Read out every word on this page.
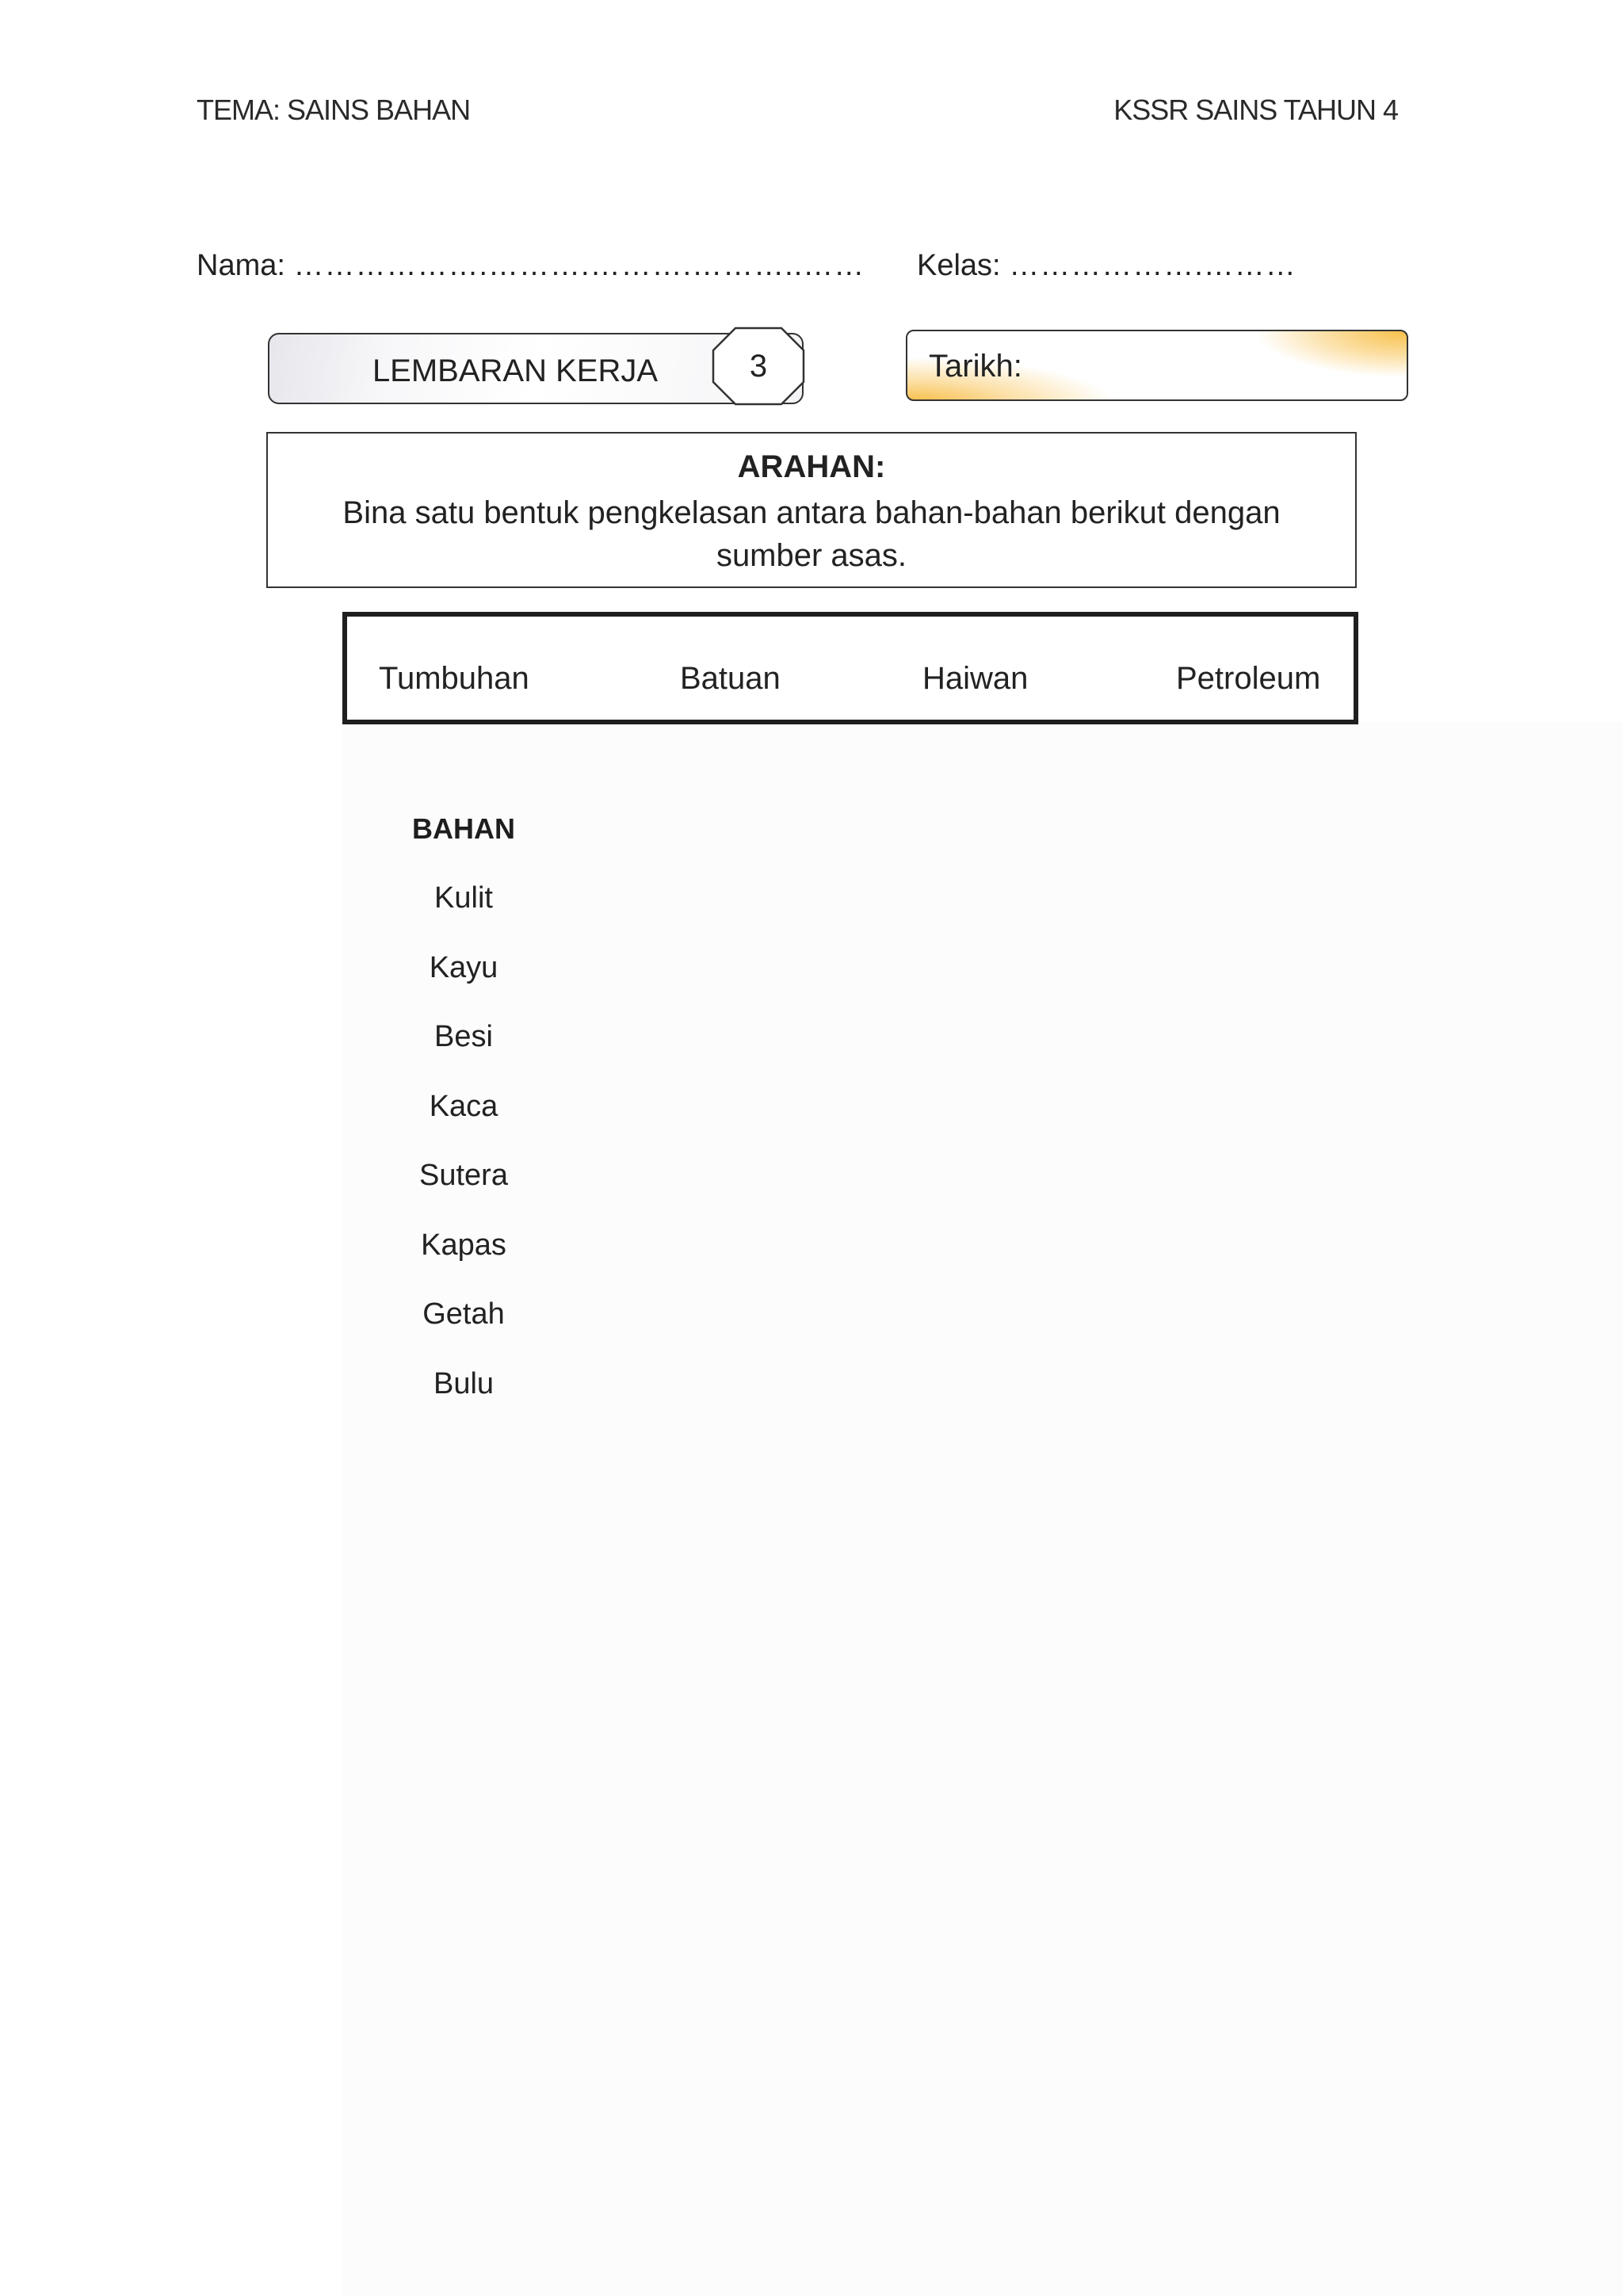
TEMA: SAINS BAHAN	KSSR SAINS TAHUN 4
Nama: ……………….……….……….………..…… Kelas: ……………….………
LEMBARAN KERJA	3	Tarikh:
ARAHAN:
Bina satu bentuk pengkelasan antara bahan-bahan berikut dengan sumber asas.
Tumbuhan	Batuan	Haiwan	Petroleum
BAHAN
Kulit
Kayu
Besi
Kaca
Sutera
Kapas
Getah
Bulu
